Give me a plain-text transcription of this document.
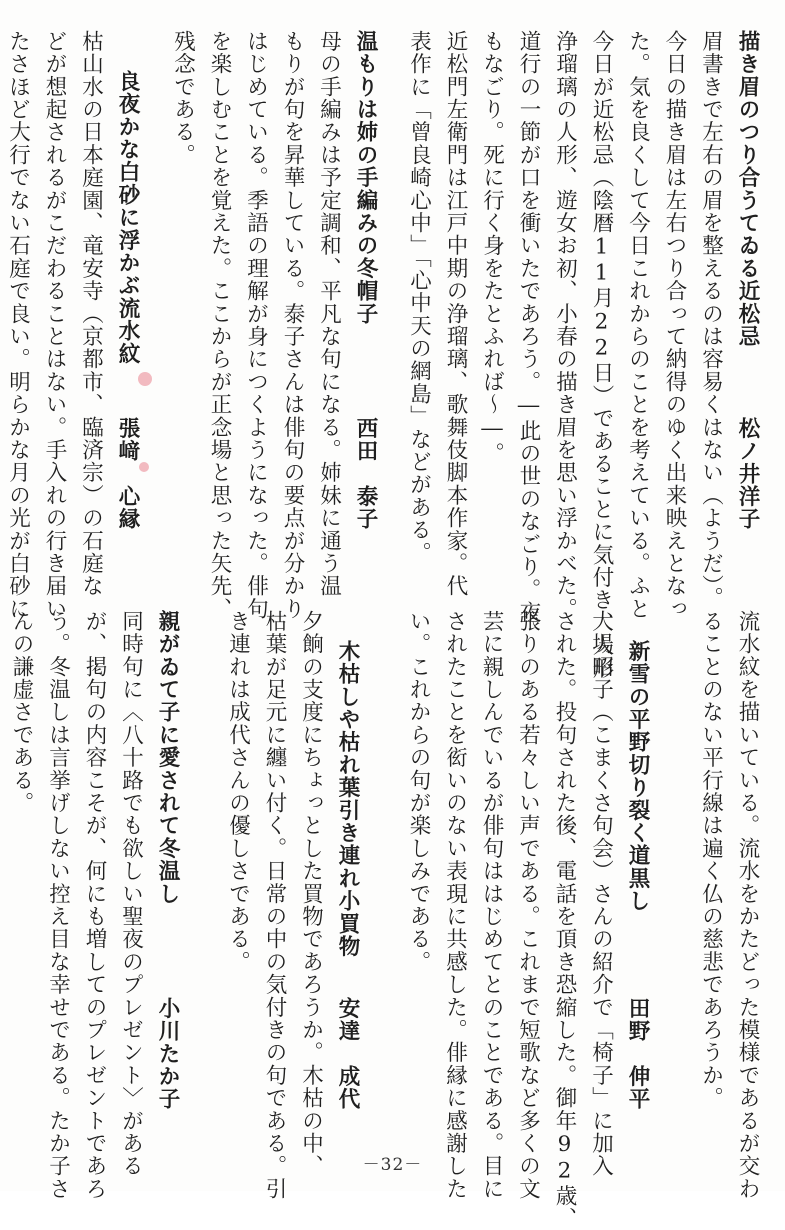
描き眉のつり合うてゐる近松忌
松ノ井洋子
眉書きで左右の眉を整えるのは容易くはない（ようだ）。
今日の描き眉は左右つり合って納得のゆく出来映えとなっ
た。気を良くして今日これからのことを考えている。ふと
今日が近松忌（陰暦11月22日）であることに気付き、人形
浄瑠璃の人形、遊女お初、小春の描き眉を思い浮かべた。
道行の一節が口を衝いたであろう。―此の世のなごり。夜
もなごり。死に行く身をたとふれば～―。
近松門左衛門は江戸中期の浄瑠璃、歌舞伎脚本作家。代
表作に「曾良崎心中」「心中天の網島」などがある。
温もりは姉の手編みの冬帽子
西田　泰子
母の手編みは予定調和、平凡な句になる。姉妹に通う温
もりが句を昇華している。泰子さんは俳句の要点が分かり
はじめている。季語の理解が身につくようになった。俳句
を楽しむことを覚えた。ここからが正念場と思った矢先、
残念である。
良夜かな白砂に浮かぶ流水紋
張﨑　心縁
枯山水の日本庭園、竜安寺（京都市、臨済宗）の石庭な
どが想起されるがこだわることはない。手入れの行き届い
たさほど大行でない石庭で良い。明らかな月の光が白砂に
流水紋を描いている。流水をかたどった模様であるが交わ
ることのない平行線は遍く仏の慈悲であろうか。
新雪の平野切り裂く道黒し
田野　伸平
大場昭子（こまくさ句会）さんの紹介で「椅子」に加入
された。投句された後、電話を頂き恐縮した。御年92歳、
張りのある若々しい声である。これまで短歌など多くの文
芸に親しんでいるが俳句ははじめてとのことである。目に
されたことを衒いのない表現に共感した。俳縁に感謝した
い。これからの句が楽しみである。
木枯しや枯れ葉引き連れ小買物
安達　成代
夕餉の支度にちょっとした買物であろうか。木枯の中、
枯葉が足元に纏い付く。日常の中の気付きの句である。引
き連れは成代さんの優しさである。
親がゐて子に愛されて冬温し
小川たか子
同時句に〈八十路でも欲しい聖夜のプレゼント〉がある
が、掲句の内容こそが、何にも増してのプレゼントであろ
う。冬温しは言挙げしない控え目な幸せである。たか子さ
んの謙虚さである。
－32－
